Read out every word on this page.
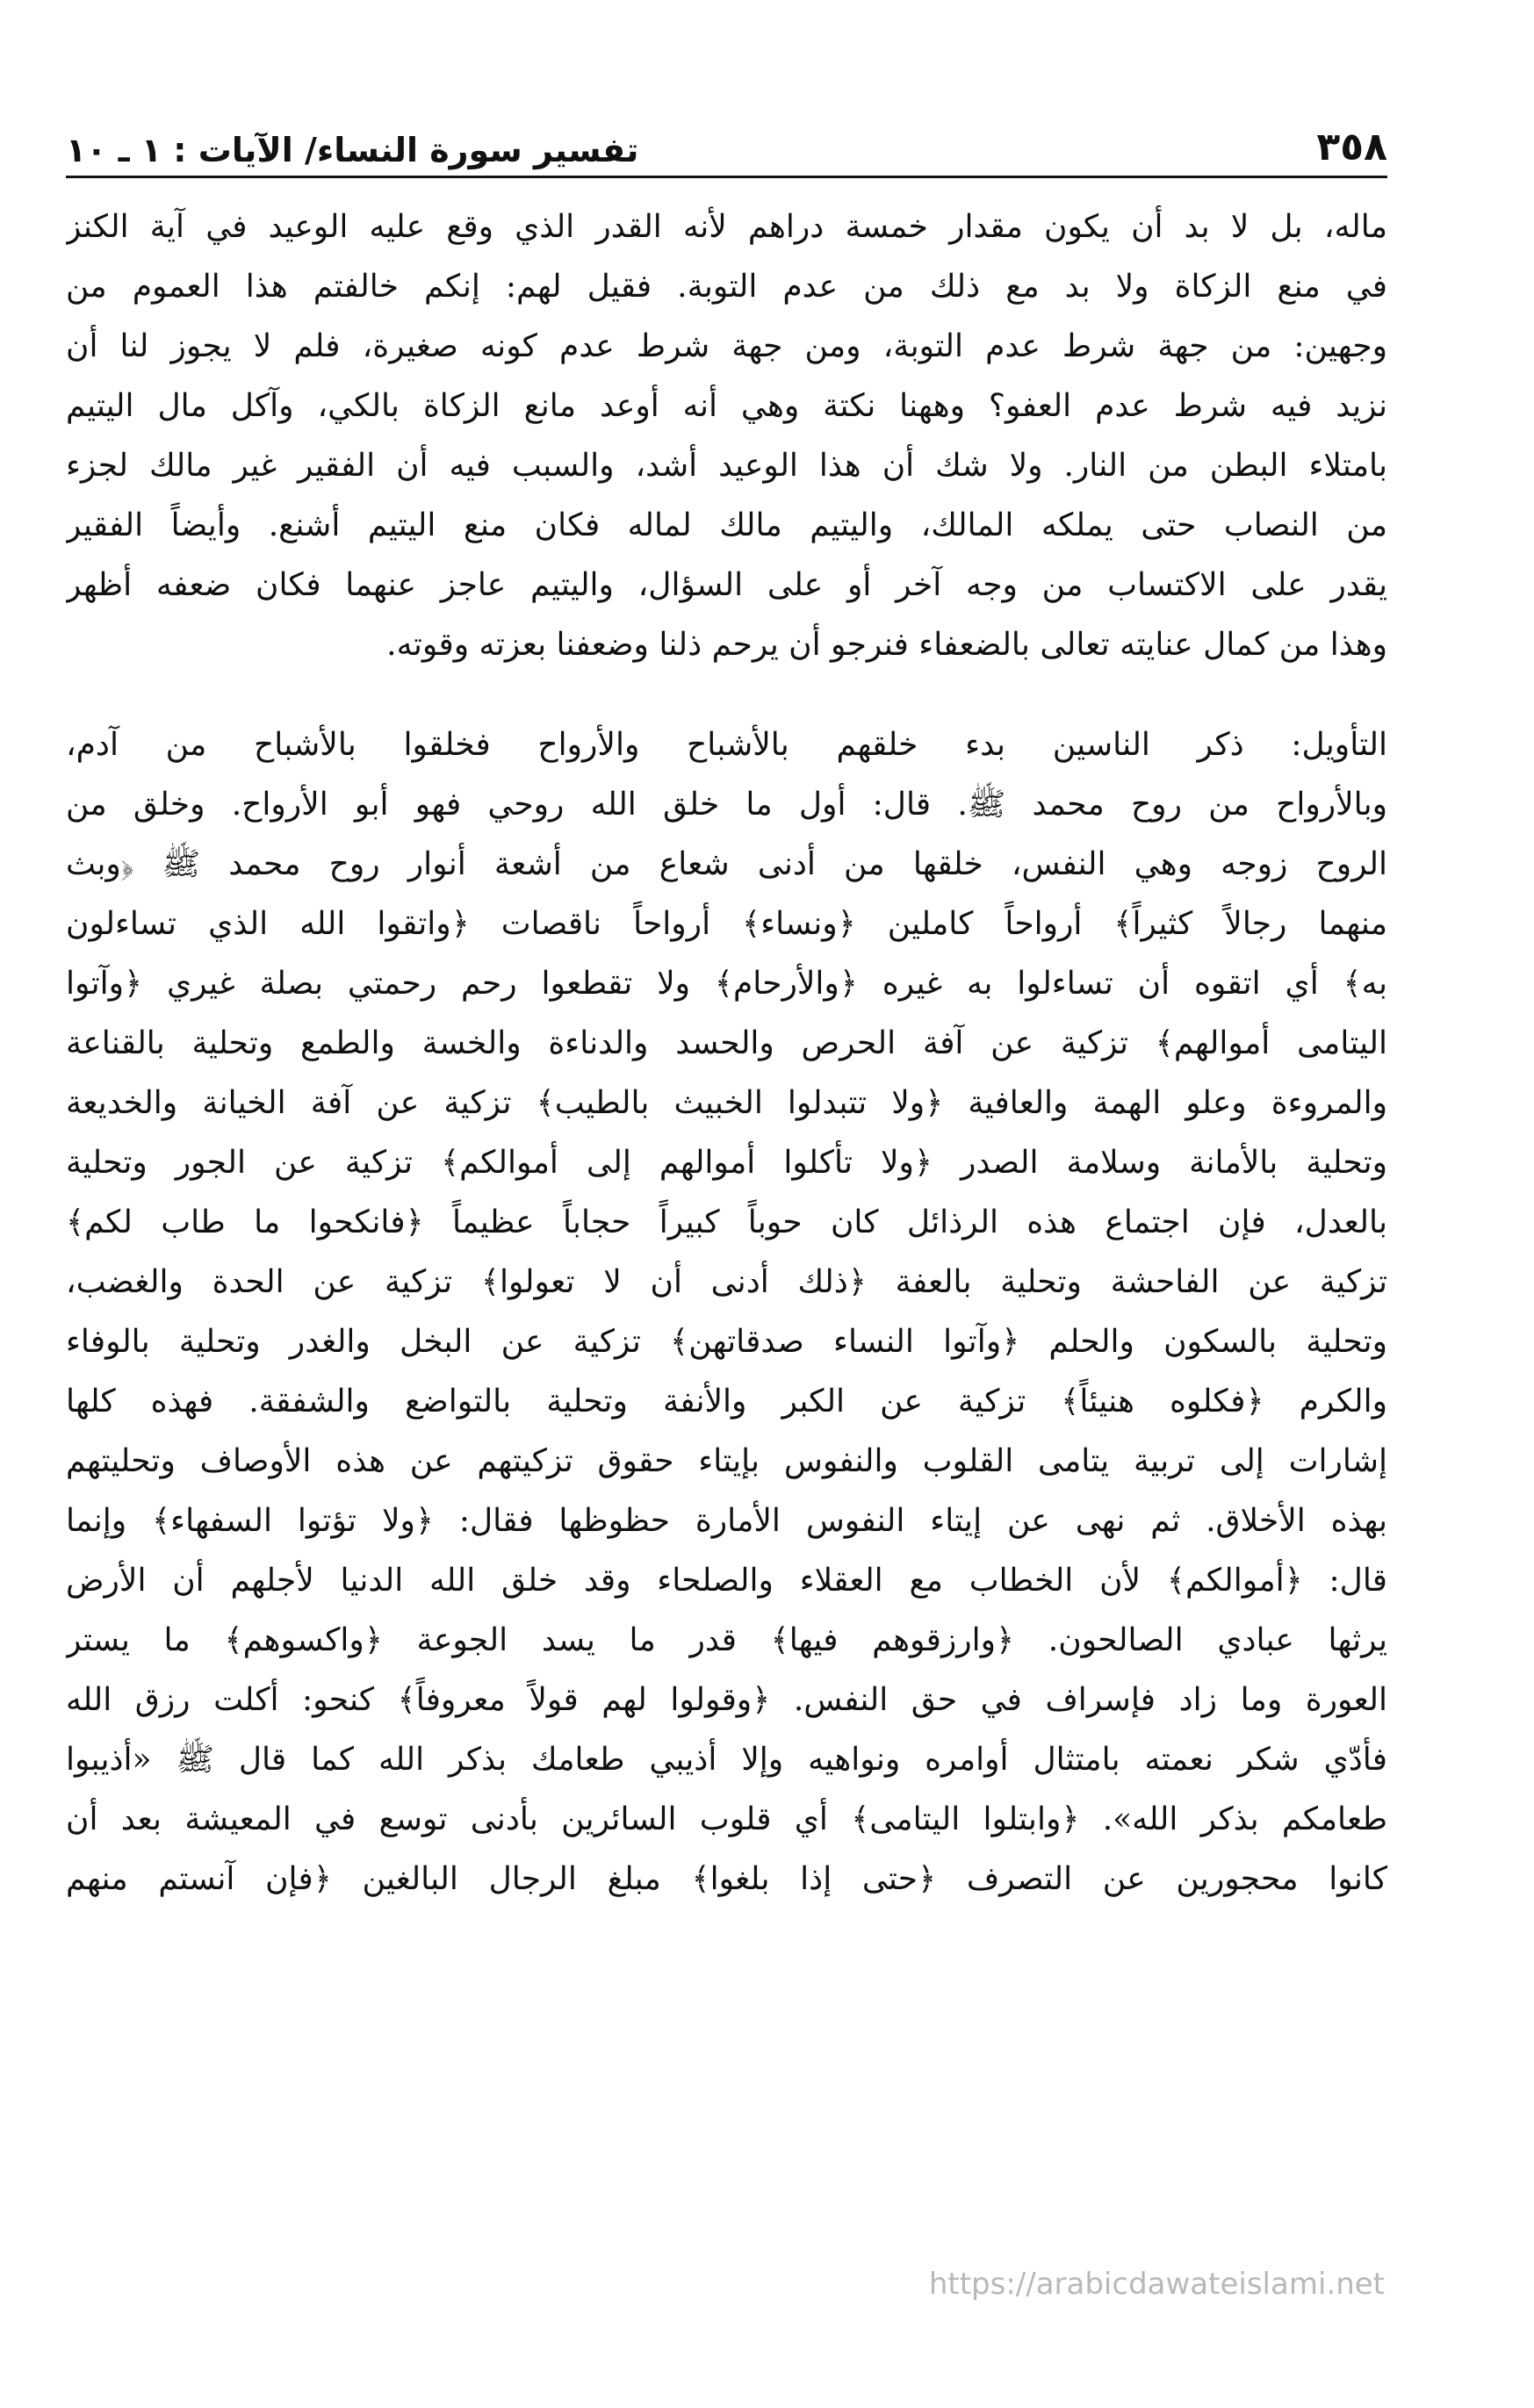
٣٥٨
تفسير سورة النساء/ الآيات : ١ ـ ١٠
ماله، بل لا بد أن يكون مقدار خمسة دراهم لأنه القدر الذي وقع عليه الوعيد في آية الكنز
في منع الزكاة ولا بد مع ذلك من عدم التوبة. فقيل لهم: إنكم خالفتم هذا العموم من
وجهين: من جهة شرط عدم التوبة، ومن جهة شرط عدم كونه صغيرة، فلم لا يجوز لنا أن
نزيد فيه شرط عدم العفو؟ وههنا نكتة وهي أنه أوعد مانع الزكاة بالكي، وآكل مال اليتيم
بامتلاء البطن من النار. ولا شك أن هذا الوعيد أشد، والسبب فيه أن الفقير غير مالك لجزء
من النصاب حتى يملكه المالك، واليتيم مالك لماله فكان منع اليتيم أشنع. وأيضاً الفقير
يقدر على الاكتساب من وجه آخر أو على السؤال، واليتيم عاجز عنهما فكان ضعفه أظهر
وهذا من كمال عنايته تعالى بالضعفاء فنرجو أن يرحم ذلنا وضعفنا بعزته وقوته.
التأويل: ذكر الناسين بدء خلقهم بالأشباح والأرواح فخلقوا بالأشباح من آدم،
وبالأرواح من روح محمد ﷺ. قال: أول ما خلق الله روحي فهو أبو الأرواح. وخلق من
الروح زوجه وهي النفس، خلقها من أدنى شعاع من أشعة أنوار روح محمد ﷺ ﴿وبث
منهما رجالاً كثيراً﴾ أرواحاً كاملين ﴿ونساء﴾ أرواحاً ناقصات ﴿واتقوا الله الذي تساءلون
به﴾ أي اتقوه أن تساءلوا به غيره ﴿والأرحام﴾ ولا تقطعوا رحم رحمتي بصلة غيري ﴿وآتوا
اليتامى أموالهم﴾ تزكية عن آفة الحرص والحسد والدناءة والخسة والطمع وتحلية بالقناعة
والمروءة وعلو الهمة والعافية ﴿ولا تتبدلوا الخبيث بالطيب﴾ تزكية عن آفة الخيانة والخديعة
وتحلية بالأمانة وسلامة الصدر ﴿ولا تأكلوا أموالهم إلى أموالكم﴾ تزكية عن الجور وتحلية
بالعدل، فإن اجتماع هذه الرذائل كان حوباً كبيراً حجاباً عظيماً ﴿فانكحوا ما طاب لكم﴾
تزكية عن الفاحشة وتحلية بالعفة ﴿ذلك أدنى أن لا تعولوا﴾ تزكية عن الحدة والغضب،
وتحلية بالسكون والحلم ﴿وآتوا النساء صدقاتهن﴾ تزكية عن البخل والغدر وتحلية بالوفاء
والكرم ﴿فكلوه هنيئاً﴾ تزكية عن الكبر والأنفة وتحلية بالتواضع والشفقة. فهذه كلها
إشارات إلى تربية يتامى القلوب والنفوس بإيتاء حقوق تزكيتهم عن هذه الأوصاف وتحليتهم
بهذه الأخلاق. ثم نهى عن إيتاء النفوس الأمارة حظوظها فقال: ﴿ولا تؤتوا السفهاء﴾ وإنما
قال: ﴿أموالكم﴾ لأن الخطاب مع العقلاء والصلحاء وقد خلق الله الدنيا لأجلهم أن الأرض
يرثها عبادي الصالحون. ﴿وارزقوهم فيها﴾ قدر ما يسد الجوعة ﴿واكسوهم﴾ ما يستر
العورة وما زاد فإسراف في حق النفس. ﴿وقولوا لهم قولاً معروفاً﴾ كنحو: أكلت رزق الله
فأدّي شكر نعمته بامتثال أوامره ونواهيه وإلا أذيبي طعامك بذكر الله كما قال ﷺ «أذيبوا
طعامكم بذكر الله». ﴿وابتلوا اليتامى﴾ أي قلوب السائرين بأدنى توسع في المعيشة بعد أن
كانوا محجورين عن التصرف ﴿حتى إذا بلغوا﴾ مبلغ الرجال البالغين ﴿فإن آنستم منهم
https://arabicdawateislami.net
